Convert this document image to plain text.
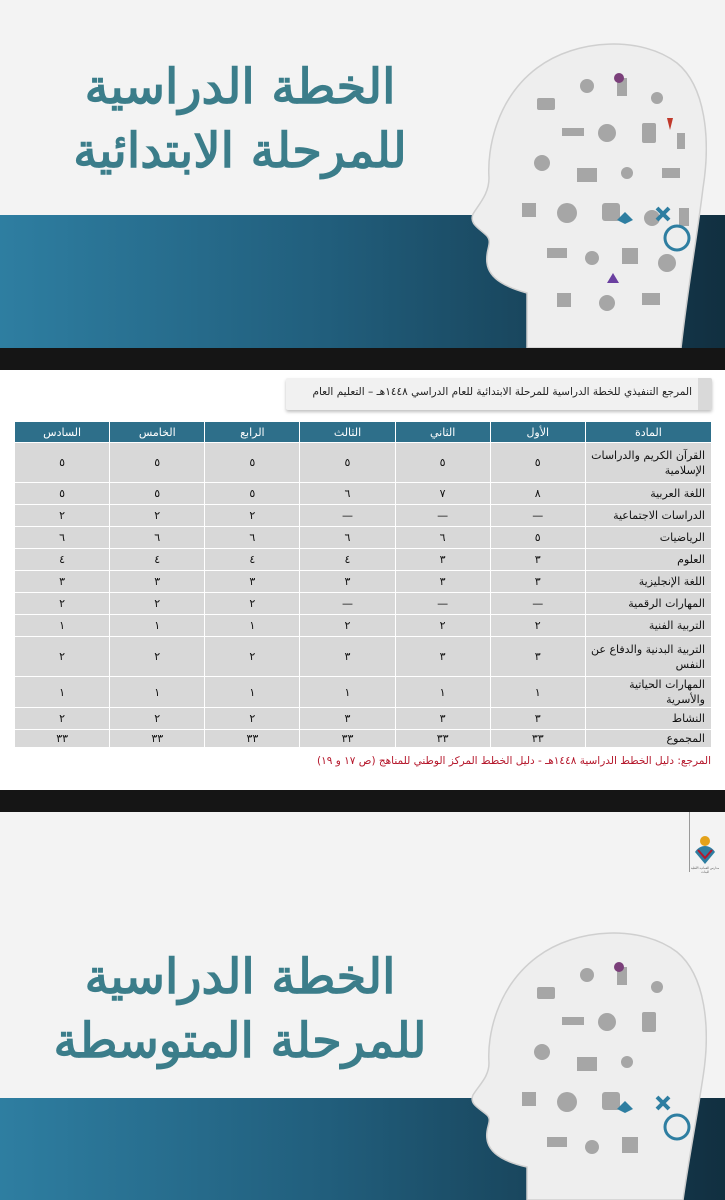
الخطة الدراسية
للمرحلة الابتدائية
المرجع التنفيذي للخطة الدراسية للمرحلة الابتدائية للعام الدراسي ١٤٤٨هـ – التعليم العام
المادة	الأول	الثاني	الثالث	الرابع	الخامس	السادس
القرآن الكريم والدراسات الإسلامية	٥	٥	٥	٥	٥	٥
اللغة العربية	٨	٧	٦	٥	٥	٥
الدراسات الاجتماعية	—	—	—	٢	٢	٢
الرياضيات	٥	٦	٦	٦	٦	٦
العلوم	٣	٣	٤	٤	٤	٤
اللغة الإنجليزية	٣	٣	٣	٣	٣	٣
المهارات الرقمية	—	—	—	٢	٢	٢
التربية الفنية	٢	٢	٢	١	١	١
التربية البدنية والدفاع عن النفس	٣	٣	٣	٢	٢	٢
المهارات الحياتية والأسرية	١	١	١	١	١	١
النشاط	٣	٣	٣	٢	٢	٢
المجموع	٣٣	٣٣	٣٣	٣٣	٣٣	٣٣
المرجع: دليل الخطط الدراسية ١٤٤٨هـ - دليل الخطط المركز الوطني للمناهج (ص ١٧ و ١٩)
مدارس العمادية الأهلية للبنات
الخطة الدراسية
للمرحلة المتوسطة
